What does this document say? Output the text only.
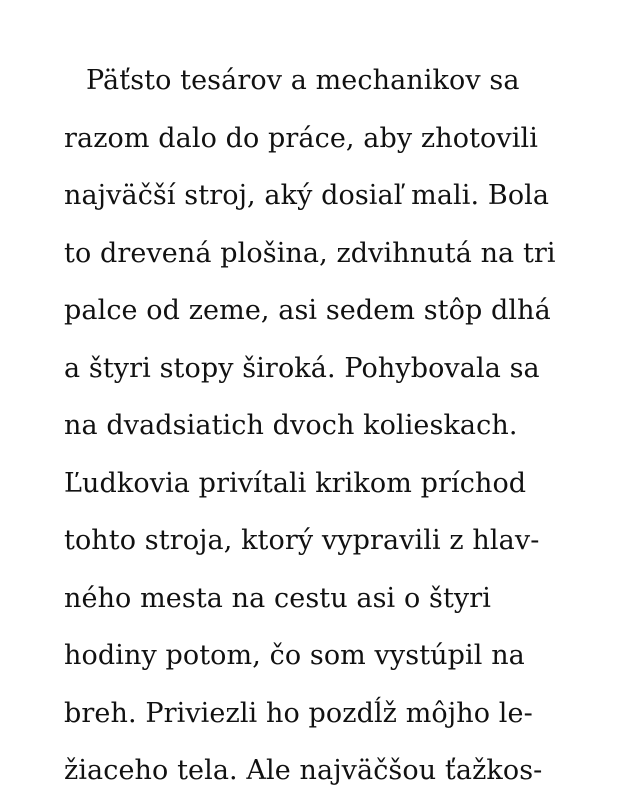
Päťsto tesárov a mechanikov sa
razom dalo do práce, aby zhotovili
najväčší stroj, aký dosiaľ mali. Bola
to drevená plošina, zdvihnutá na tri
palce od zeme, asi sedem stôp dlhá
a štyri stopy široká. Pohybovala sa
na dvadsiatich dvoch kolieskach.
Ľudkovia privítali krikom príchod
tohto stroja, ktorý vypravili z hlav-
ného mesta na cestu asi o štyri
hodiny potom, čo som vystúpil na
breh. Priviezli ho pozdĺž môjho le-
žiaceho tela. Ale najväčšou ťažkos-
